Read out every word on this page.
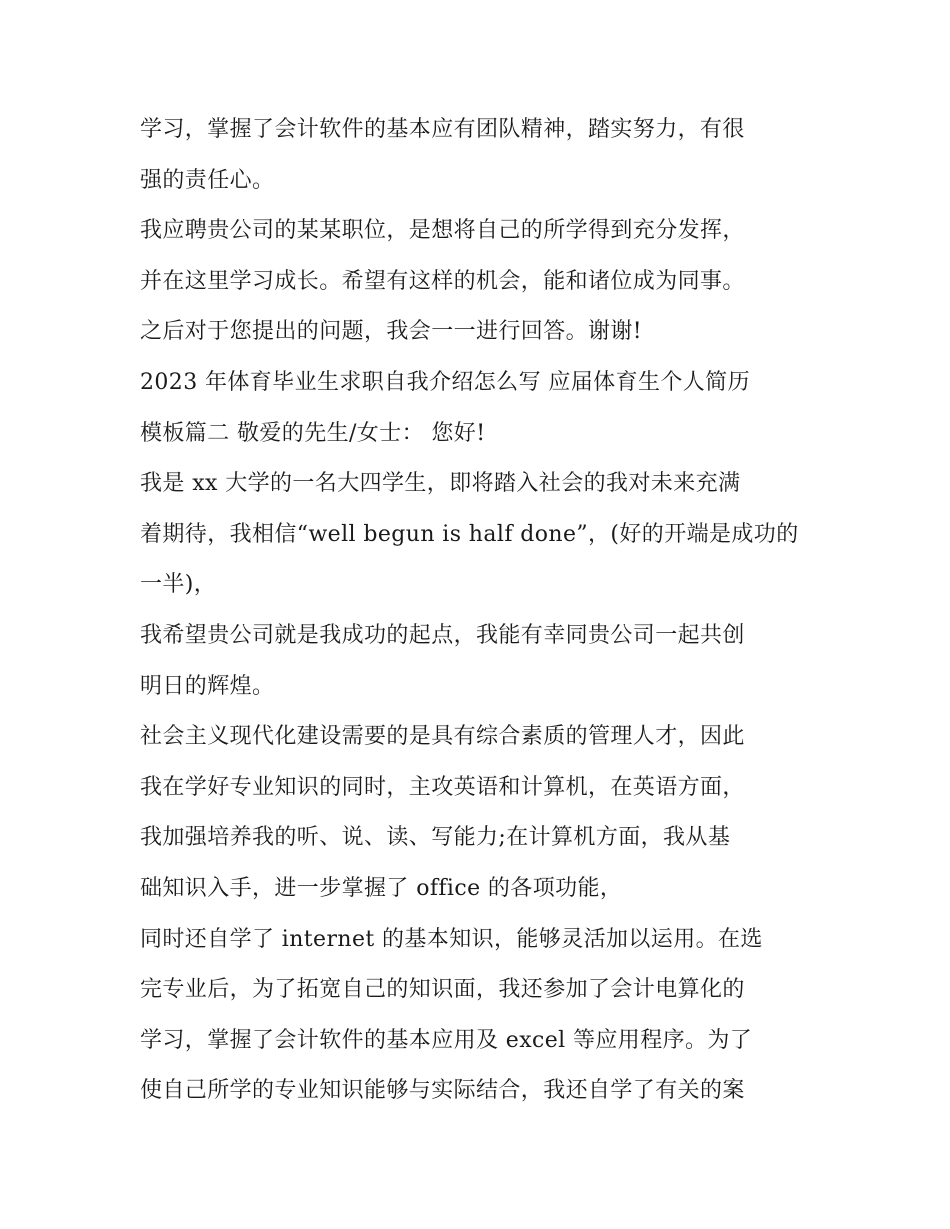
学习，掌握了会计软件的基本应有团队精神，踏实努力，有很
强的责任心。
我应聘贵公司的某某职位，是想将自己的所学得到充分发挥，
并在这里学习成长。希望有这样的机会，能和诸位成为同事。
之后对于您提出的问题，我会一一进行回答。谢谢!
2023 年体育毕业生求职自我介绍怎么写 应届体育生个人简历
模板篇二 敬爱的先生/女士： 您好!
我是 xx 大学的一名大四学生，即将踏入社会的我对未来充满
着期待，我相信“well begun is half done”，(好的开端是成功的
一半)，
我希望贵公司就是我成功的起点，我能有幸同贵公司一起共创
明日的辉煌。
社会主义现代化建设需要的是具有综合素质的管理人才，因此
我在学好专业知识的同时，主攻英语和计算机，在英语方面，
我加强培养我的听、说、读、写能力;在计算机方面，我从基
础知识入手，进一步掌握了 office 的各项功能，
同时还自学了 internet 的基本知识，能够灵活加以运用。在选
完专业后，为了拓宽自己的知识面，我还参加了会计电算化的
学习，掌握了会计软件的基本应用及 excel 等应用程序。为了
使自己所学的专业知识能够与实际结合，我还自学了有关的案
